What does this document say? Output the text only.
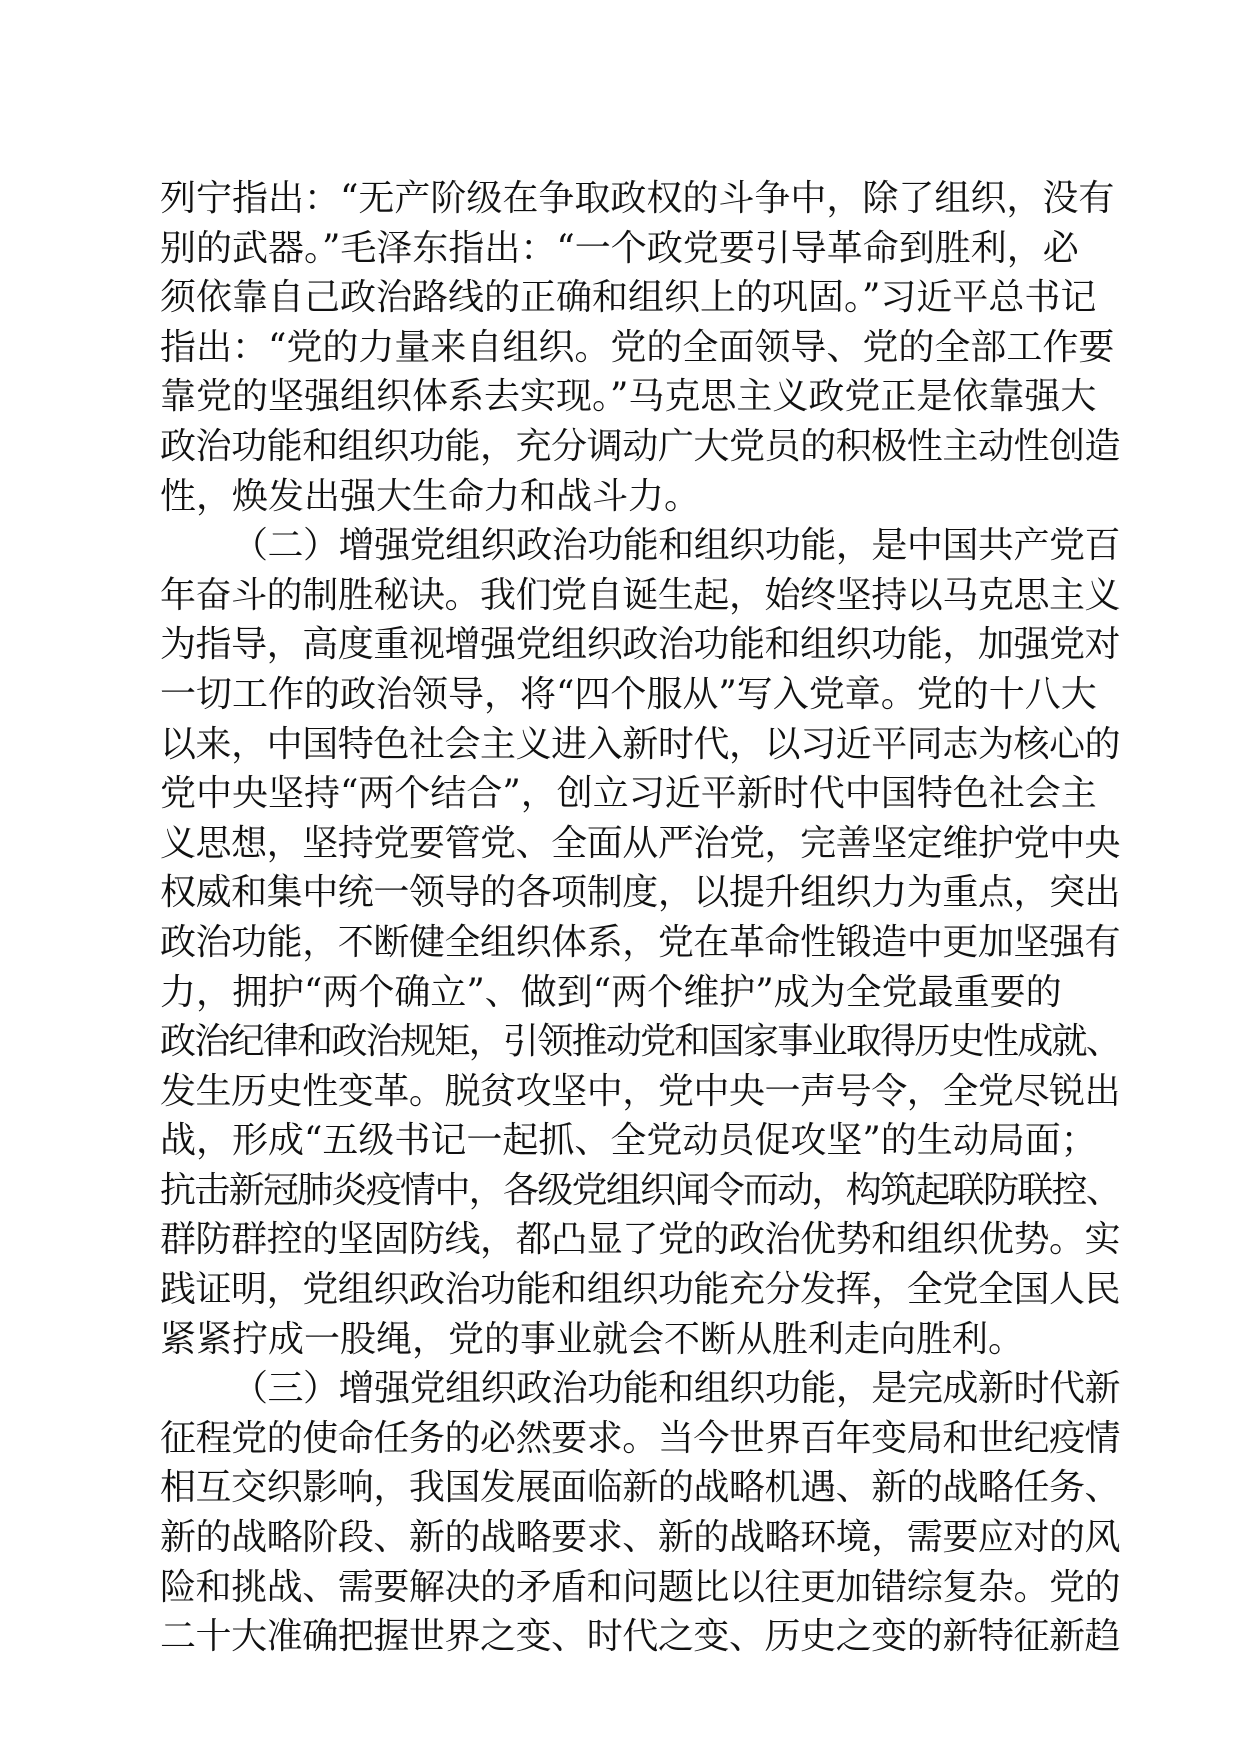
列宁指出：“无产阶级在争取政权的斗争中，除了组织，没有
别的武器。”毛泽东指出：“一个政党要引导革命到胜利，必
须依靠自己政治路线的正确和组织上的巩固。”习近平总书记
指出：“党的力量来自组织。党的全面领导、党的全部工作要
靠党的坚强组织体系去实现。”马克思主义政党正是依靠强大
政治功能和组织功能，充分调动广大党员的积极性主动性创造
性，焕发出强大生命力和战斗力。
（二）增强党组织政治功能和组织功能，是中国共产党百
年奋斗的制胜秘诀。我们党自诞生起，始终坚持以马克思主义
为指导，高度重视增强党组织政治功能和组织功能，加强党对
一切工作的政治领导，将“四个服从”写入党章。党的十八大
以来，中国特色社会主义进入新时代，以习近平同志为核心的
党中央坚持“两个结合”，创立习近平新时代中国特色社会主
义思想，坚持党要管党、全面从严治党，完善坚定维护党中央
权威和集中统一领导的各项制度，以提升组织力为重点，突出
政治功能，不断健全组织体系，党在革命性锻造中更加坚强有
力，拥护“两个确立”、做到“两个维护”成为全党最重要的
政治纪律和政治规矩，引领推动党和国家事业取得历史性成就、
发生历史性变革。脱贫攻坚中，党中央一声号令，全党尽锐出
战，形成“五级书记一起抓、全党动员促攻坚”的生动局面；
抗击新冠肺炎疫情中，各级党组织闻令而动，构筑起联防联控、
群防群控的坚固防线，都凸显了党的政治优势和组织优势。实
践证明，党组织政治功能和组织功能充分发挥，全党全国人民
紧紧拧成一股绳，党的事业就会不断从胜利走向胜利。
（三）增强党组织政治功能和组织功能，是完成新时代新
征程党的使命任务的必然要求。当今世界百年变局和世纪疫情
相互交织影响，我国发展面临新的战略机遇、新的战略任务、
新的战略阶段、新的战略要求、新的战略环境，需要应对的风
险和挑战、需要解决的矛盾和问题比以往更加错综复杂。党的
二十大准确把握世界之变、时代之变、历史之变的新特征新趋
